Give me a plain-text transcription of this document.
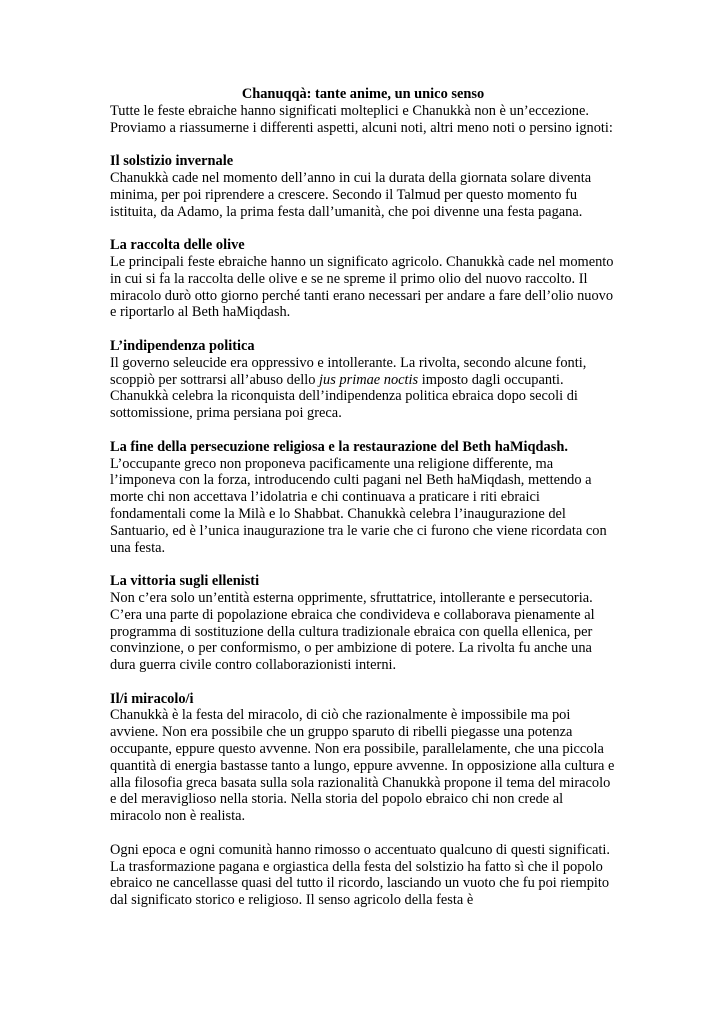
Chanuqqà: tante anime, un unico senso

Tutte le feste ebraiche hanno significati molteplici e Chanukkà non è un’eccezione. Proviamo a riassumerne i differenti aspetti, alcuni noti, altri meno noti o persino ignoti:

Il solstizio invernale

Chanukkà cade nel momento dell’anno in cui la durata della giornata solare diventa minima, per poi riprendere a crescere. Secondo il Talmud per questo momento fu istituita, da Adamo, la prima festa dall’umanità, che poi divenne una festa pagana.

La raccolta delle olive

Le principali feste ebraiche hanno un significato agricolo. Chanukkà cade nel momento in cui si fa la raccolta delle olive e se ne spreme il primo olio del nuovo raccolto. Il miracolo durò otto giorno perché tanti erano necessari per andare a fare dell’olio nuovo e riportarlo al Beth haMiqdash.

L’indipendenza politica

Il governo seleucide era oppressivo e intollerante. La rivolta, secondo alcune fonti, scoppiò per sottrarsi all’abuso dello jus primae noctis imposto dagli occupanti. Chanukkà celebra la riconquista dell’indipendenza politica ebraica dopo secoli di sottomissione, prima persiana poi greca.

La fine della persecuzione religiosa e la restaurazione del Beth haMiqdash.

L’occupante greco non proponeva pacificamente una religione differente, ma l’imponeva con la forza, introducendo culti pagani nel Beth haMiqdash, mettendo a morte chi non accettava l’idolatria e chi continuava a praticare i riti ebraici fondamentali come la Milà e lo Shabbat. Chanukkà celebra l’inaugurazione del Santuario, ed è l’unica inaugurazione tra le varie che ci furono che viene ricordata con una festa.

La vittoria sugli ellenisti

Non c’era solo un’entità esterna opprimente, sfruttatrice, intollerante e persecutoria. C’era una parte di popolazione ebraica che condivideva e collaborava pienamente al programma di sostituzione della cultura tradizionale ebraica con quella ellenica, per convinzione, o per conformismo, o per ambizione di potere. La rivolta fu anche una dura guerra civile contro collaborazionisti interni.

Il/i miracolo/i

Chanukkà è la festa del miracolo, di ciò che razionalmente è impossibile ma poi avviene. Non era possibile che un gruppo sparuto di ribelli piegasse una potenza occupante, eppure questo avvenne. Non era possibile, parallelamente, che una piccola quantità di energia bastasse tanto a lungo, eppure avvenne. In opposizione alla cultura e alla filosofia greca basata sulla sola razionalità Chanukkà propone il tema del miracolo e del meraviglioso nella storia. Nella storia del popolo ebraico chi non crede al miracolo non è realista.

Ogni epoca e ogni comunità hanno rimosso o accentuato qualcuno di questi significati. La trasformazione pagana e orgiastica della festa del solstizio ha fatto sì che il popolo ebraico ne cancellasse quasi del tutto il ricordo, lasciando un vuoto che fu poi riempito dal significato storico e religioso. Il senso agricolo della festa è
